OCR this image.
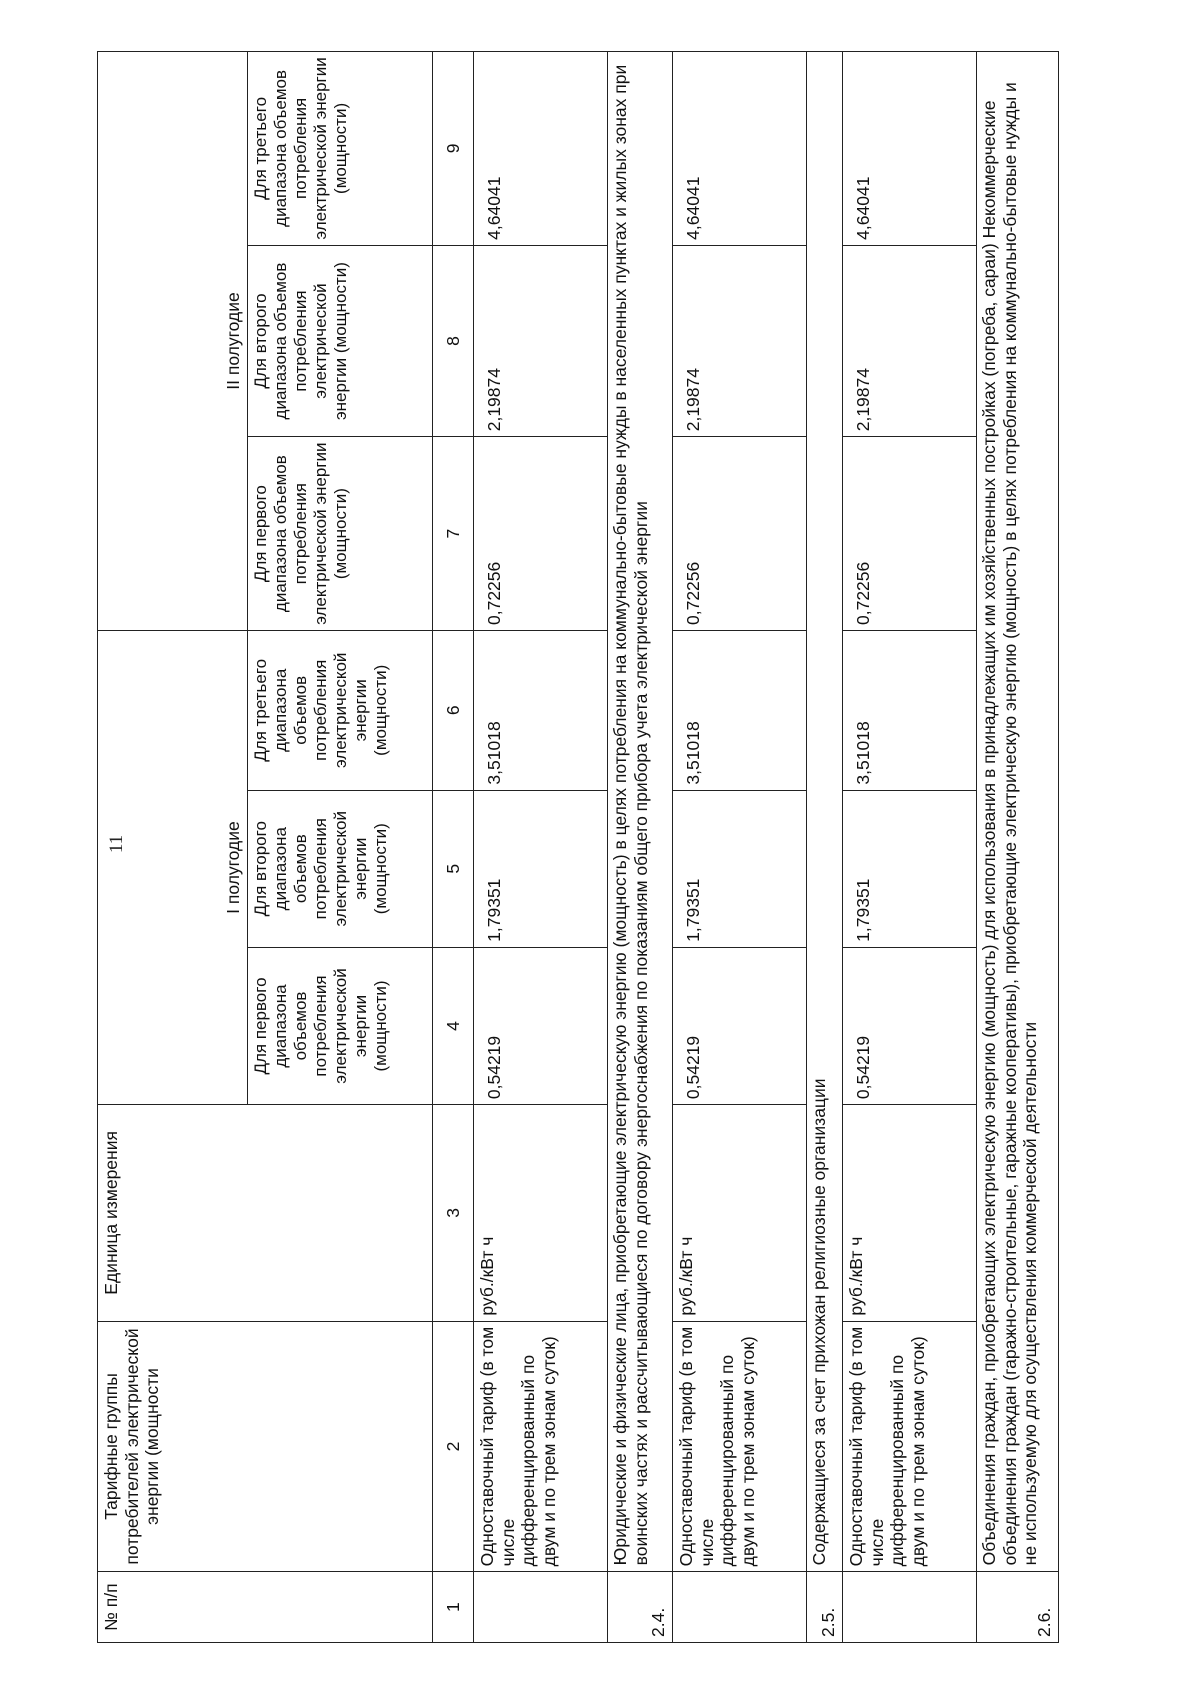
11
№ п/п	Тарифные группы потребителей электрической энергии (мощности	Единица измерения	I полугодие			II полугодие		
			Для первого диапазона объемов потребления электрической энергии (мощности)	Для второго диапазона объемов потребления электрической энергии (мощности)	Для третьего диапазона объемов потребления электрической энергии (мощности)	Для первого диапазона объемов потребления электрической энергии (мощности)	Для второго диапазона объемов потребления электрической энергии (мощности)	Для третьего диапазона объемов потребления электрической энергии (мощности)
1	2	3	4	5	6	7	8	9
	Одноставочный тариф (в том числе дифференцированный по двум и по трем зонам суток)	руб./кВт ч	0,54219	1,79351	3,51018	0,72256	2,19874	4,64041
2.4.	Юридические и физические лица, приобретающие электрическую энергию (мощность) в целях потребления на коммунально-бытовые нужды в населенных пунктах и жилых зонах при воинских частях и рассчитывающиеся по договору энергоснабжения по показаниям общего прибора учета электрической энергии							
	Одноставочный тариф (в том числе дифференцированный по двум и по трем зонам суток)	руб./кВт ч	0,54219	1,79351	3,51018	0,72256	2,19874	4,64041
2.5.	Содержащиеся за счет прихожан религиозные организации							
	Одноставочный тариф (в том числе дифференцированный по двум и по трем зонам суток)	руб./кВт ч	0,54219	1,79351	3,51018	0,72256	2,19874	4,64041
2.6.	Объединения граждан, приобретающих электрическую энергию (мощность) для использования в принадлежащих им хозяйственных постройках (погреба, сараи) Некоммерческие объединения граждан (гаражно-строительные, гаражные кооперативы), приобретающие электрическую энергию (мощность) в целях потребления на коммунально-бытовые нужды и не используемую для осуществления коммерческой деятельности							
